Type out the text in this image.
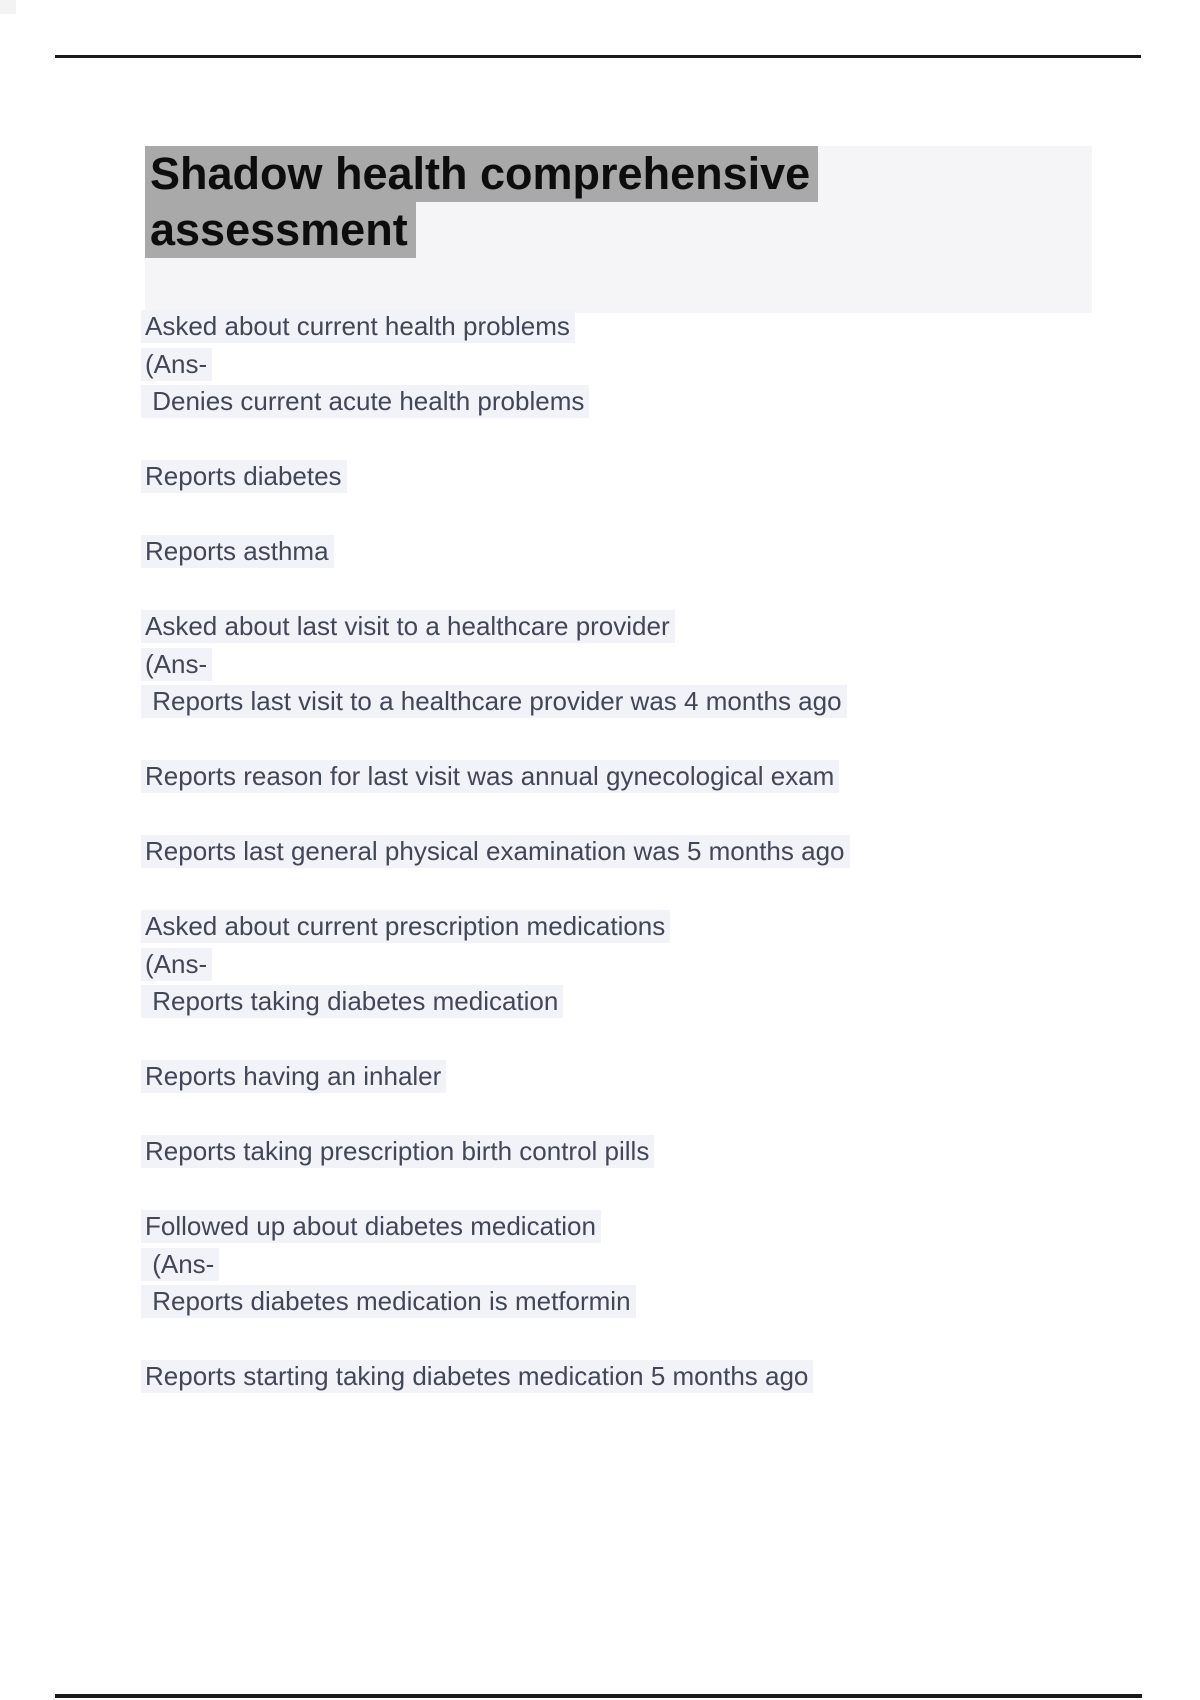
Shadow health comprehensive
assessment
Asked about current health problems
(Ans-
Denies current acute health problems
Reports diabetes
Reports asthma
Asked about last visit to a healthcare provider
(Ans-
Reports last visit to a healthcare provider was 4 months ago
Reports reason for last visit was annual gynecological exam
Reports last general physical examination was 5 months ago
Asked about current prescription medications
(Ans-
Reports taking diabetes medication
Reports having an inhaler
Reports taking prescription birth control pills
Followed up about diabetes medication
(Ans-
Reports diabetes medication is metformin
Reports starting taking diabetes medication 5 months ago
